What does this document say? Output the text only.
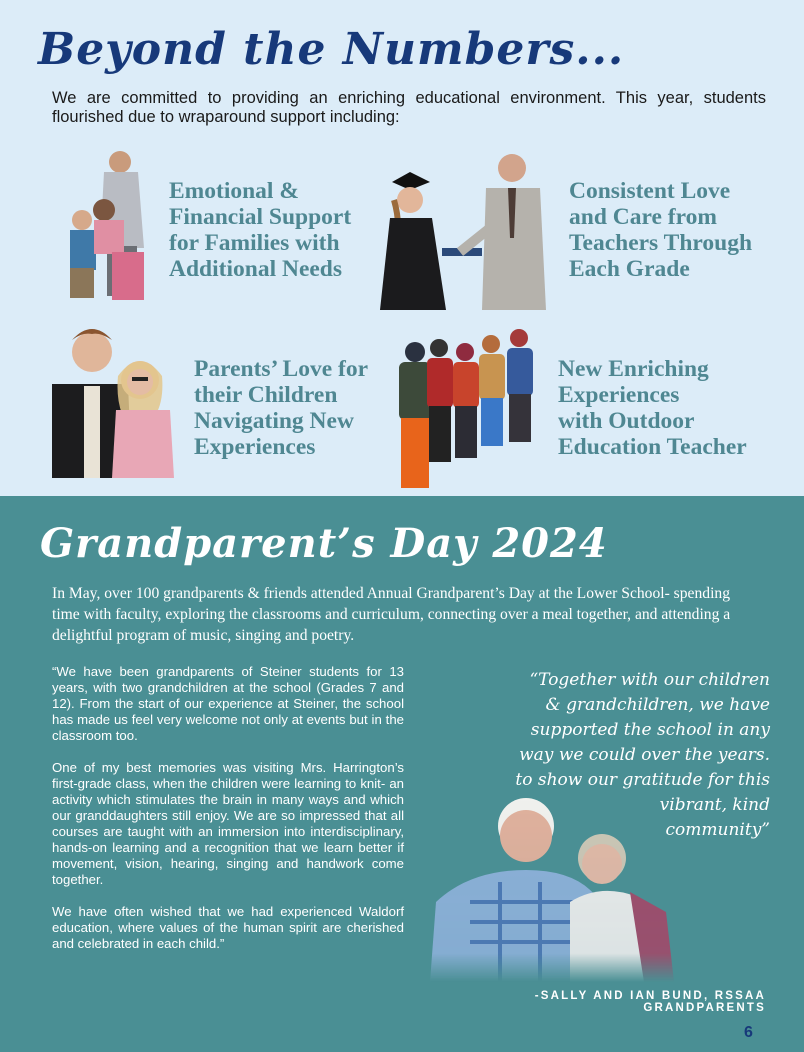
Beyond the Numbers...

We are committed to providing an enriching educational environment. This year, students flourished due to wraparound support including:

Emotional &
Financial Support
for Families with
Additional Needs
Consistent Love
and Care from
Teachers Through
Each Grade
Parents’ Love for
their Children
Navigating New
Experiences
New Enriching
Experiences
with Outdoor
Education Teacher
Grandparent’s Day 2024

In May, over 100 grandparents & friends attended Annual Grandparent’s Day at the Lower School- spending time with faculty, exploring the classrooms and curriculum, connecting over a meal together, and attending a delightful program of music, singing and poetry.

“We have been grandparents of Steiner students for 13 years, with two grandchildren at the school (Grades 7 and 12). From the start of our experience at Steiner, the school has made us feel very welcome not only at events but in the classroom too.

One of my best memories was visiting Mrs. Harrington’s first-grade class, when the children were learning to knit- an activity which stimulates the brain in many ways and which our granddaughters still enjoy. We are so impressed that all courses are taught with an immersion into interdisciplinary, hands-on learning and a recognition that we learn better if movement, vision, hearing, singing and handwork come together.

We have often wished that we had experienced Waldorf education, where values of the human spirit are cherished and celebrated in each child.”

“Together with our children
& grandchildren, we have
supported the school in any
way we could over the years.
to show our gratitude for this
vibrant, kind
community”
-SALLY AND IAN BUND, RSSAA GRANDPARENTS
6
